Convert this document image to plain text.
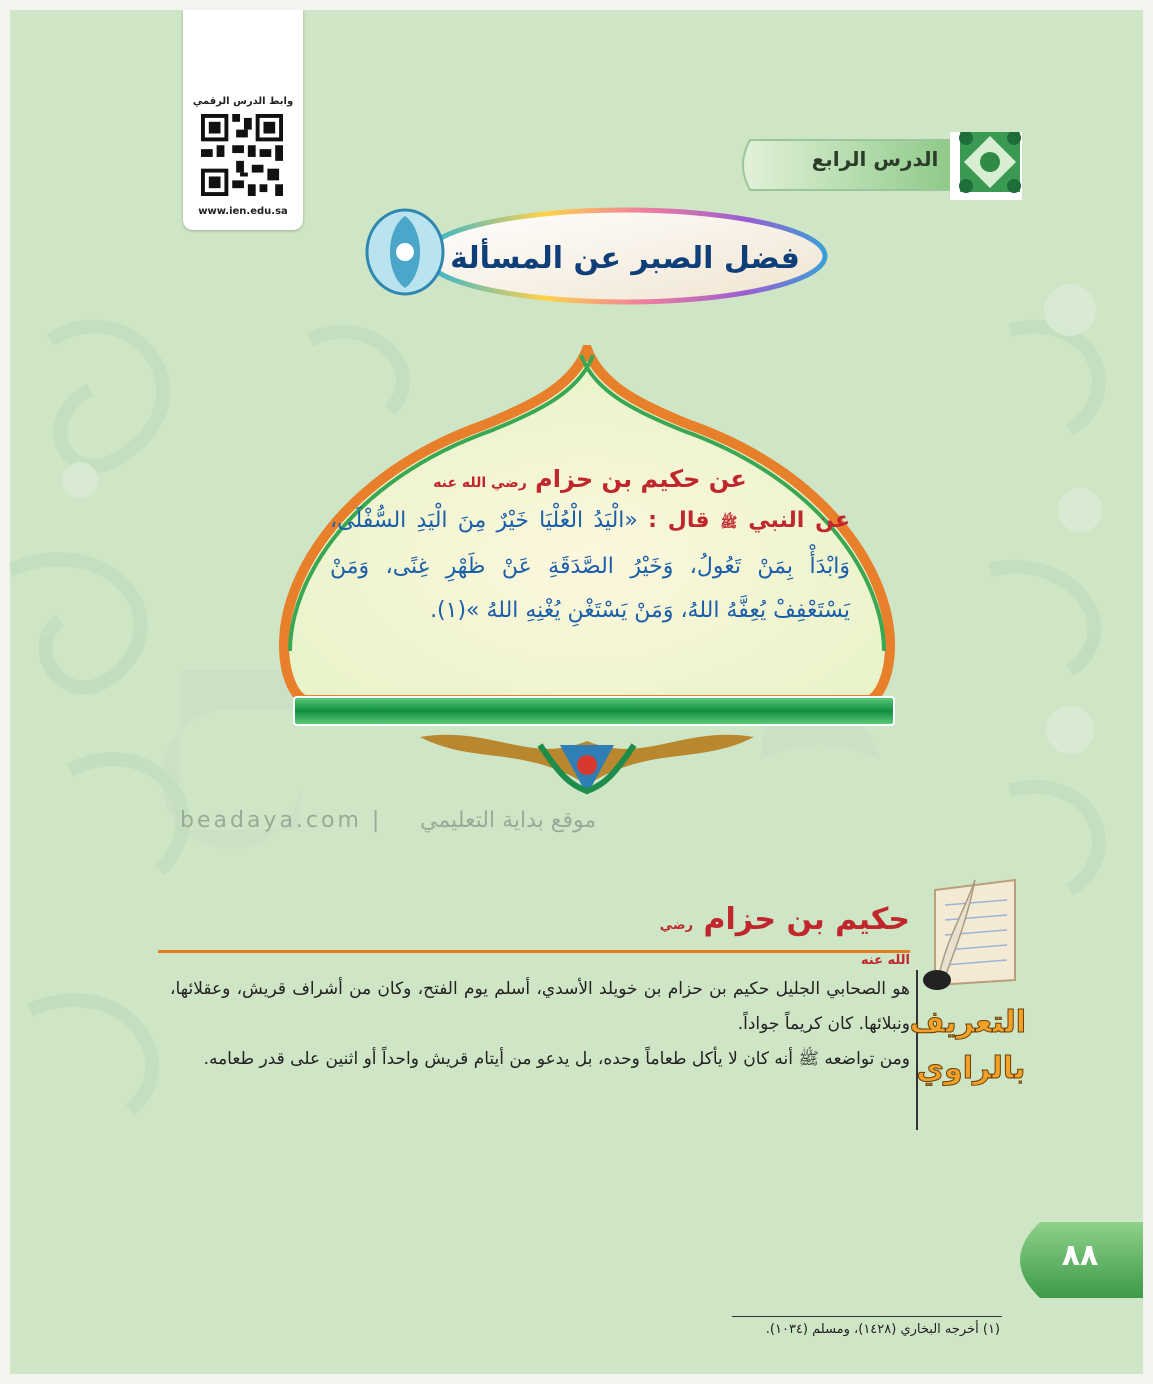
وابط الدرس الرقمي
www.ien.edu.sa
الدرس الرابع
فضل الصبر عن المسألة
عن حكيم بن حزام رضي الله عنه
عن النبي ﷺ قال : «الْيَدُ الْعُلْيَا خَيْرٌ مِنَ الْيَدِ السُّفْلَى، وَابْدَأْ بِمَنْ تَعُولُ، وَخَيْرُ الصَّدَقَةِ عَنْ ظَهْرِ غِنًى، وَمَنْ يَسْتَعْفِفْ يُعِفَّهُ اللهُ، وَمَنْ يَسْتَغْنِ يُغْنِهِ اللهُ »(١).
beadaya.com | موقع بداية التعليمي
حكيم بن حزام رضي الله عنه
هو الصحابي الجليل حكيم بن حزام بن خويلد الأسدي، أسلم يوم الفتح، وكان من أشراف قريش، وعقلائها، ونبلائها. كان كريماً جواداً.
ومن تواضعه ﷺ أنه كان لا يأكل طعاماً وحده، بل يدعو من أيتام قريش واحداً أو اثنين على قدر طعامه.
التعريف
بالراوي
٨٨
(١) أخرجه البخاري (١٤٢٨)، ومسلم (١٠٣٤).
